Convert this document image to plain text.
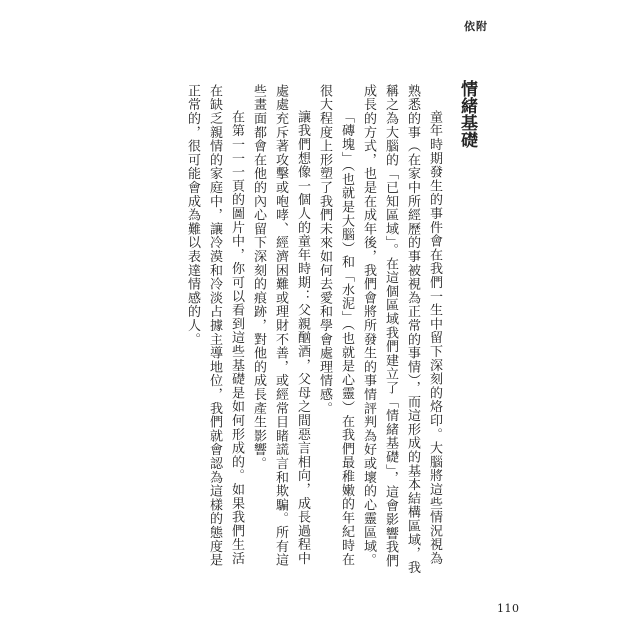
依附
情緒基礎

童年時期發生的事件會在我們一生中留下深刻的烙印。大腦將這些情況視為熟悉的事（在家中所經歷的事被視為正常的事情），而這形成的基本結構區域，我稱之為大腦的「已知區域」。在這個區域我們建立了「情緒基礎」，這會影響我們成長的方式，也是在成年後，我們會將所發生的事情評判為好或壞的心靈區域。

「磚塊」（也就是大腦）和「水泥」（也就是心靈）在我們最稚嫩的年紀時在很大程度上形塑了我們未來如何去愛和學會處理情感。

讓我們想像一個人的童年時期：父親酗酒，父母之間惡言相向，成長過程中處處充斥著攻擊或咆哮、經濟困難或理財不善，或經常目睹謊言和欺騙。所有這些畫面都會在他的內心留下深刻的痕跡，對他的成長產生影響。

在第一一一頁的圖片中，你可以看到這些基礎是如何形成的。如果我們生活在缺乏親情的家庭中，讓冷漠和冷淡占據主導地位，我們就會認為這樣的態度是正常的，很可能會成為難以表達情感的人。

110
